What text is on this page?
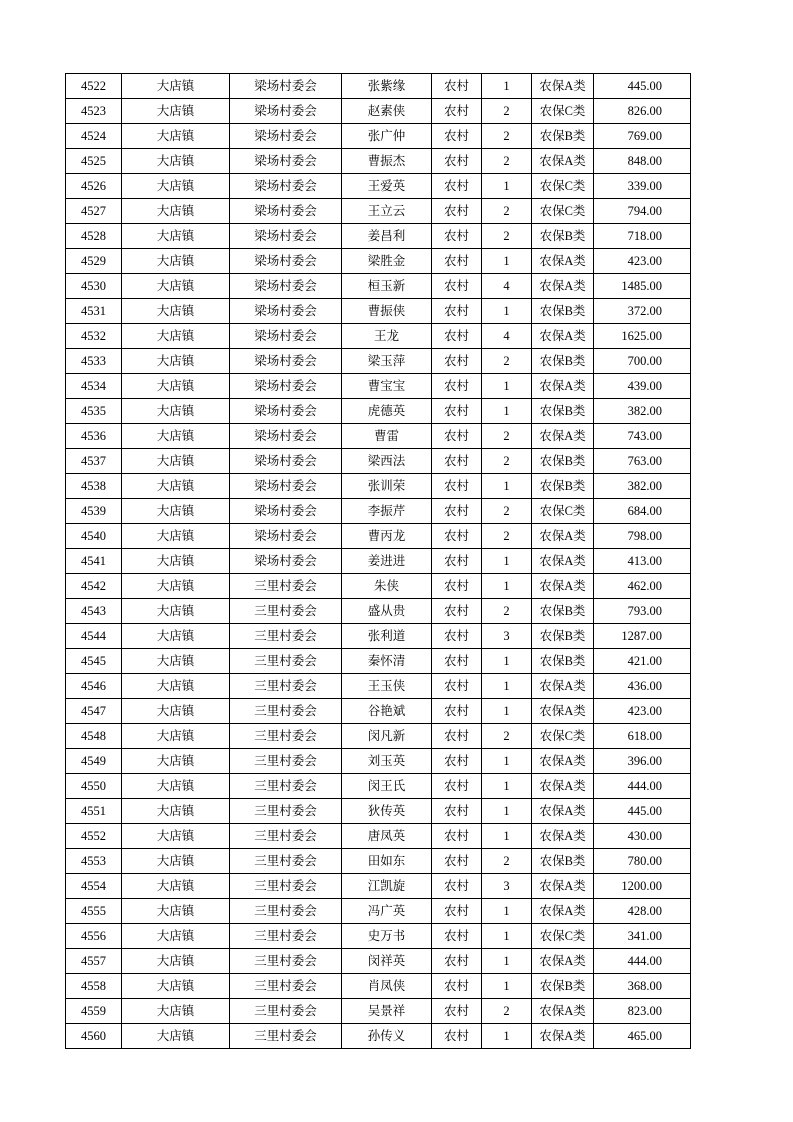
4522	大店镇	梁场村委会	张紫缘	农村	1	农保A类	445.00
4523	大店镇	梁场村委会	赵素侠	农村	2	农保C类	826.00
4524	大店镇	梁场村委会	张广仲	农村	2	农保B类	769.00
4525	大店镇	梁场村委会	曹振杰	农村	2	农保A类	848.00
4526	大店镇	梁场村委会	王爱英	农村	1	农保C类	339.00
4527	大店镇	梁场村委会	王立云	农村	2	农保C类	794.00
4528	大店镇	梁场村委会	姜昌利	农村	2	农保B类	718.00
4529	大店镇	梁场村委会	梁胜金	农村	1	农保A类	423.00
4530	大店镇	梁场村委会	桓玉新	农村	4	农保A类	1485.00
4531	大店镇	梁场村委会	曹振侠	农村	1	农保B类	372.00
4532	大店镇	梁场村委会	王龙	农村	4	农保A类	1625.00
4533	大店镇	梁场村委会	梁玉萍	农村	2	农保B类	700.00
4534	大店镇	梁场村委会	曹宝宝	农村	1	农保A类	439.00
4535	大店镇	梁场村委会	虎德英	农村	1	农保B类	382.00
4536	大店镇	梁场村委会	曹雷	农村	2	农保A类	743.00
4537	大店镇	梁场村委会	梁西法	农村	2	农保B类	763.00
4538	大店镇	梁场村委会	张训荣	农村	1	农保B类	382.00
4539	大店镇	梁场村委会	李振芹	农村	2	农保C类	684.00
4540	大店镇	梁场村委会	曹丙龙	农村	2	农保A类	798.00
4541	大店镇	梁场村委会	姜进进	农村	1	农保A类	413.00
4542	大店镇	三里村委会	朱侠	农村	1	农保A类	462.00
4543	大店镇	三里村委会	盛从贵	农村	2	农保B类	793.00
4544	大店镇	三里村委会	张利道	农村	3	农保B类	1287.00
4545	大店镇	三里村委会	秦怀清	农村	1	农保B类	421.00
4546	大店镇	三里村委会	王玉侠	农村	1	农保A类	436.00
4547	大店镇	三里村委会	谷艳斌	农村	1	农保A类	423.00
4548	大店镇	三里村委会	闵凡新	农村	2	农保C类	618.00
4549	大店镇	三里村委会	刘玉英	农村	1	农保A类	396.00
4550	大店镇	三里村委会	闵王氏	农村	1	农保A类	444.00
4551	大店镇	三里村委会	狄传英	农村	1	农保A类	445.00
4552	大店镇	三里村委会	唐凤英	农村	1	农保A类	430.00
4553	大店镇	三里村委会	田如东	农村	2	农保B类	780.00
4554	大店镇	三里村委会	江凯旋	农村	3	农保A类	1200.00
4555	大店镇	三里村委会	冯广英	农村	1	农保A类	428.00
4556	大店镇	三里村委会	史万书	农村	1	农保C类	341.00
4557	大店镇	三里村委会	闵祥英	农村	1	农保A类	444.00
4558	大店镇	三里村委会	肖凤侠	农村	1	农保B类	368.00
4559	大店镇	三里村委会	吴景祥	农村	2	农保A类	823.00
4560	大店镇	三里村委会	孙传义	农村	1	农保A类	465.00
